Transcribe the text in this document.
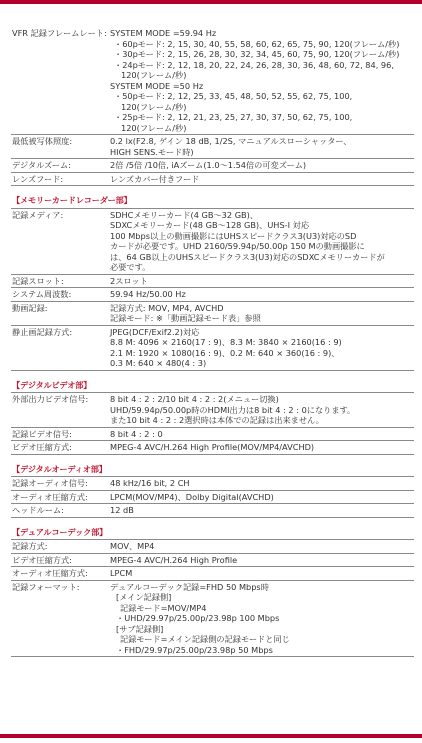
VFR 記録フレームレート: SYSTEM MODE =59.94 Hz
・60pモード: 2, 15, 30, 40, 55, 58, 60, 62, 65, 75, 90, 120(フレーム/秒)
・30pモード: 2, 15, 26, 28, 30, 32, 34, 45, 60, 75, 90, 120(フレーム/秒)
・24pモード: 2, 12, 18, 20, 22, 24, 26, 28, 30, 36, 48, 60, 72, 84, 96,
120(フレーム/秒)
SYSTEM MODE =50 Hz
・50pモード: 2, 12, 25, 33, 45, 48, 50, 52, 55, 62, 75, 100,
120(フレーム/秒)
・25pモード: 2, 12, 21, 23, 25, 27, 30, 37, 50, 62, 75, 100,
120(フレーム/秒)
最低被写体照度:	0.2 lx(F2.8, ゲイン 18 dB, 1/2S, マニュアルスローシャッター、
HIGH SENS.モード時)
デジタルズーム:	2倍 /5倍 /10倍, iAズーム(1.0〜1.54倍の可変ズーム)
レンズフード:	レンズカバー付きフード
【メモリーカードレコーダー部】
記録メディア:	SDHCメモリーカード(4 GB〜32 GB)、
SDXCメモリーカード(48 GB〜128 GB)、UHS-I 対応
100 Mbps以上の動画撮影にはUHSスピードクラス3(U3)対応のSD
カードが必要です。UHD 2160/59.94p/50.00p 150 Mの動画撮影に
は、64 GB以上のUHSスピードクラス3(U3)対応のSDXCメモリーカードが
必要です。
記録スロット:	2スロット
システム周波数:	59.94 Hz/50.00 Hz
動画記録:	記録方式: MOV, MP4, AVCHD
記録モード: ※「動画記録モード表」参照
静止画記録方式:	JPEG(DCF/Exif2.2)対応
8.8 M: 4096 × 2160(17 : 9)、8.3 M: 3840 × 2160(16 : 9)
2.1 M: 1920 × 1080(16 : 9)、0.2 M: 640 × 360(16 : 9)、
0.3 M: 640 × 480(4 : 3)
【デジタルビデオ部】
外部出力ビデオ信号:	8 bit 4 : 2 : 2/10 bit 4 : 2 : 2(メニュー切換)
UHD/59.94p/50.00p時のHDMI出力は8 bit 4 : 2 : 0になります。
また10 bit 4 : 2 : 2選択時は本体での記録は出来ません。
記録ビデオ信号:	8 bit 4 : 2 : 0
ビデオ圧縮方式:	MPEG-4 AVC/H.264 High Profile(MOV/MP4/AVCHD)
【デジタルオーディオ部】
記録オーディオ信号:	48 kHz/16 bit, 2 CH
オーディオ圧縮方式:	LPCM(MOV/MP4)、Dolby Digital(AVCHD)
ヘッドルーム:	12 dB
【デュアルコーデック部】
記録方式:	MOV、MP4
ビデオ圧縮方式:	MPEG-4 AVC/H.264 High Profile
オーディオ圧縮方式:	LPCM
記録フォーマット:	デュアルコーデック記録=FHD 50 Mbps時
[メイン記録側]
記録モード=MOV/MP4
・UHD/29.97p/25.00p/23.98p 100 Mbps
[サブ記録側]
記録モード=メイン記録側の記録モードと同じ
・FHD/29.97p/25.00p/23.98p 50 Mbps
